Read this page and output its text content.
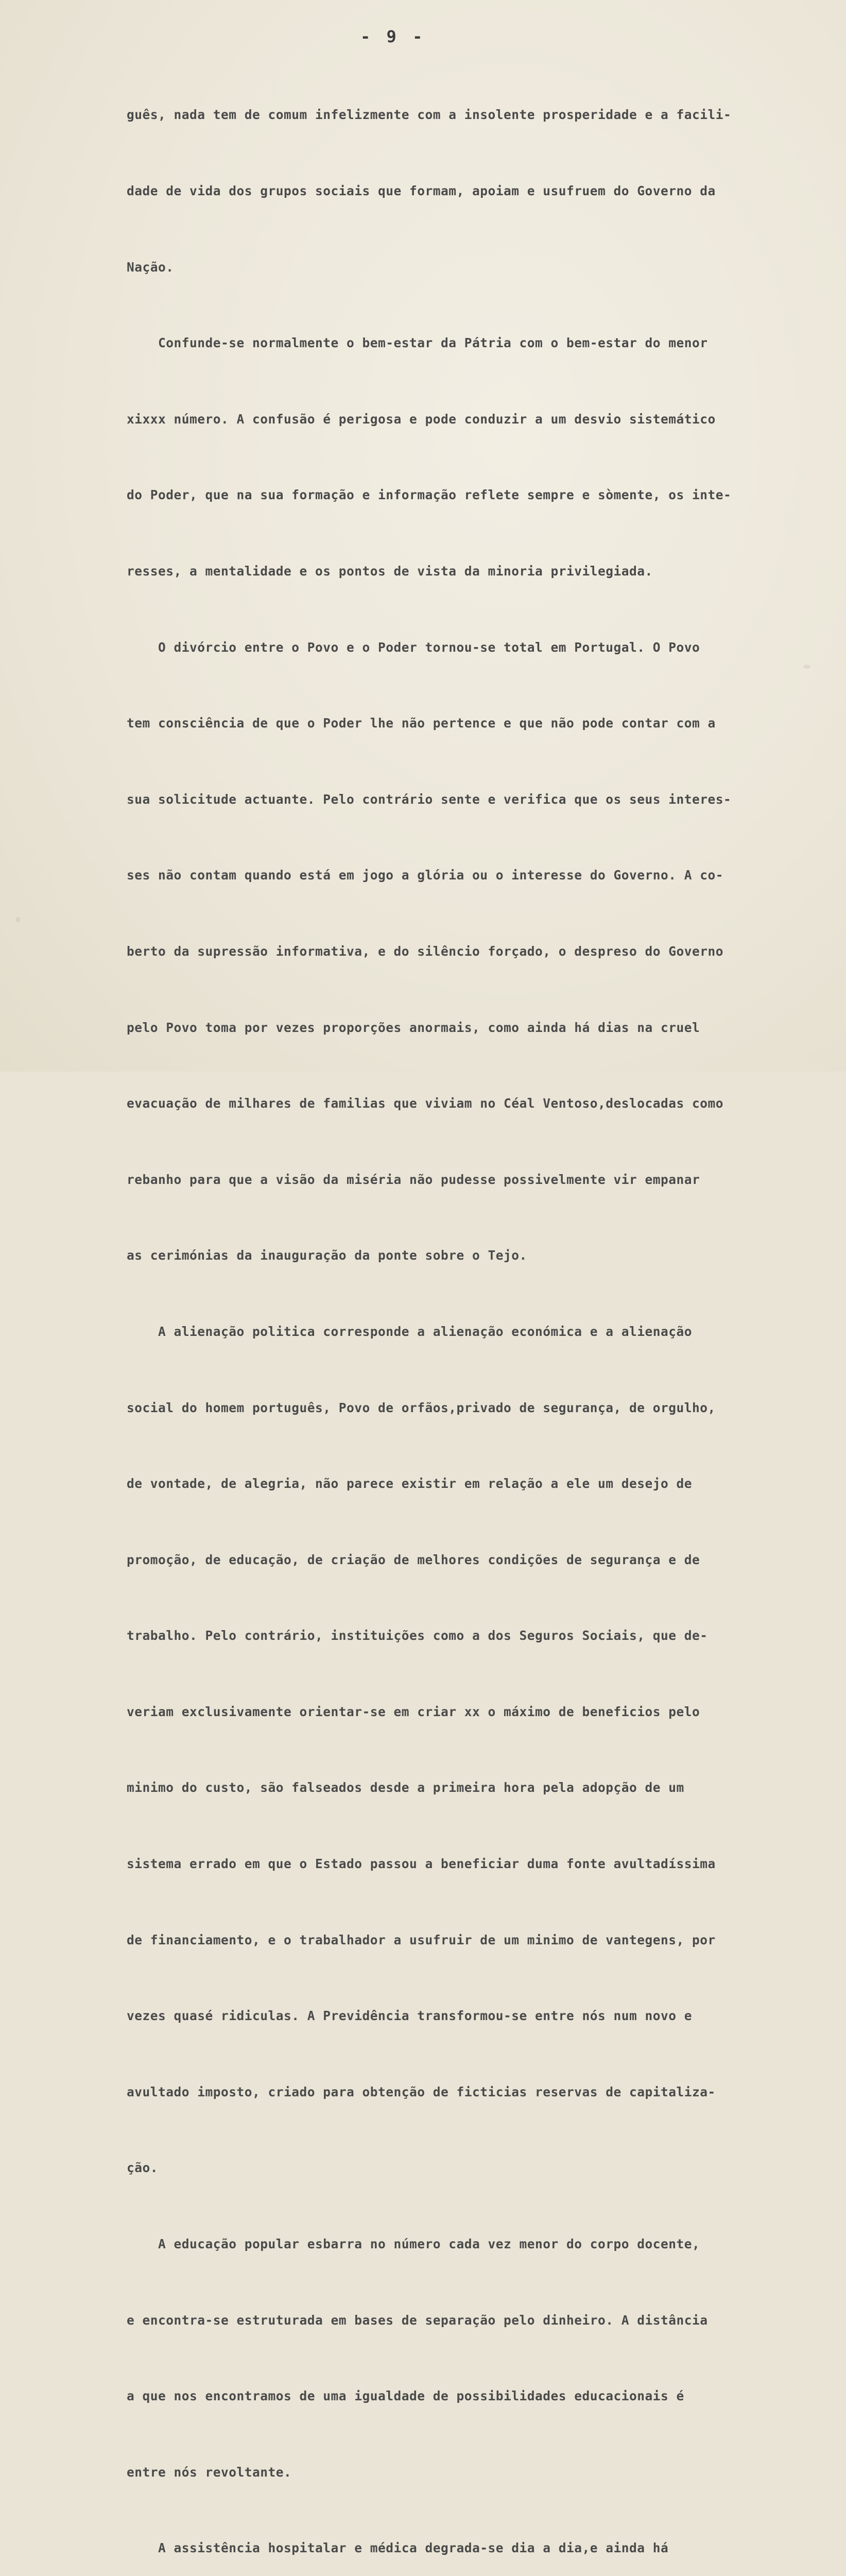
- 9 -

guês, nada tem de comum infelizmente com a insolente prosperidade e a facili-

dade de vida dos grupos sociais que formam, apoiam e usufruem do Governo da

Nação.

Confunde-se normalmente o bem-estar da Pátria com o bem-estar do menor

xixxx número. A confusão é perigosa e pode conduzir a um desvio sistemático

do Poder, que na sua formação e informação reflete sempre e sòmente, os inte-

resses, a mentalidade e os pontos de vista da minoria privilegiada.

O divórcio entre o Povo e o Poder tornou-se total em Portugal. O Povo

tem consciência de que o Poder lhe não pertence e que não pode contar com a

sua solicitude actuante. Pelo contrário sente e verifica que os seus interes-

ses não contam quando está em jogo a glória ou o interesse do Governo. A co-

berto da supressão informativa, e do silêncio forçado, o despreso do Governo

pelo Povo toma por vezes proporções anormais, como ainda há dias na cruel

evacuação de milhares de familias que viviam no Céal Ventoso,deslocadas como

rebanho para que a visão da miséria não pudesse possivelmente vir empanar

as cerimónias da inauguração da ponte sobre o Tejo.

A alienação politica corresponde a alienação económica e a alienação

social do homem português, Povo de orfãos,privado de segurança, de orgulho,

de vontade, de alegria, não parece existir em relação a ele um desejo de

promoção, de educação, de criação de melhores condições de segurança e de

trabalho. Pelo contrário, instituições como a dos Seguros Sociais, que de-

veriam exclusivamente orientar-se em criar xx o máximo de beneficios pelo

minimo do custo, são falseados desde a primeira hora pela adopção de um

sistema errado em que o Estado passou a beneficiar duma fonte avultadíssima

de financiamento, e o trabalhador a usufruir de um minimo de vantegens, por

vezes quasé ridiculas. A Previdência transformou-se entre nós num novo e

avultado imposto, criado para obtenção de ficticias reservas de capitaliza-

ção.

A educação popular esbarra no número cada vez menor do corpo docente,

e encontra-se estruturada em bases de separação pelo dinheiro. A distância

a que nos encontramos de uma igualdade de possibilidades educacionais é

entre nós revoltante.

A assistência hospitalar e médica degrada-se dia a dia,e ainda há
